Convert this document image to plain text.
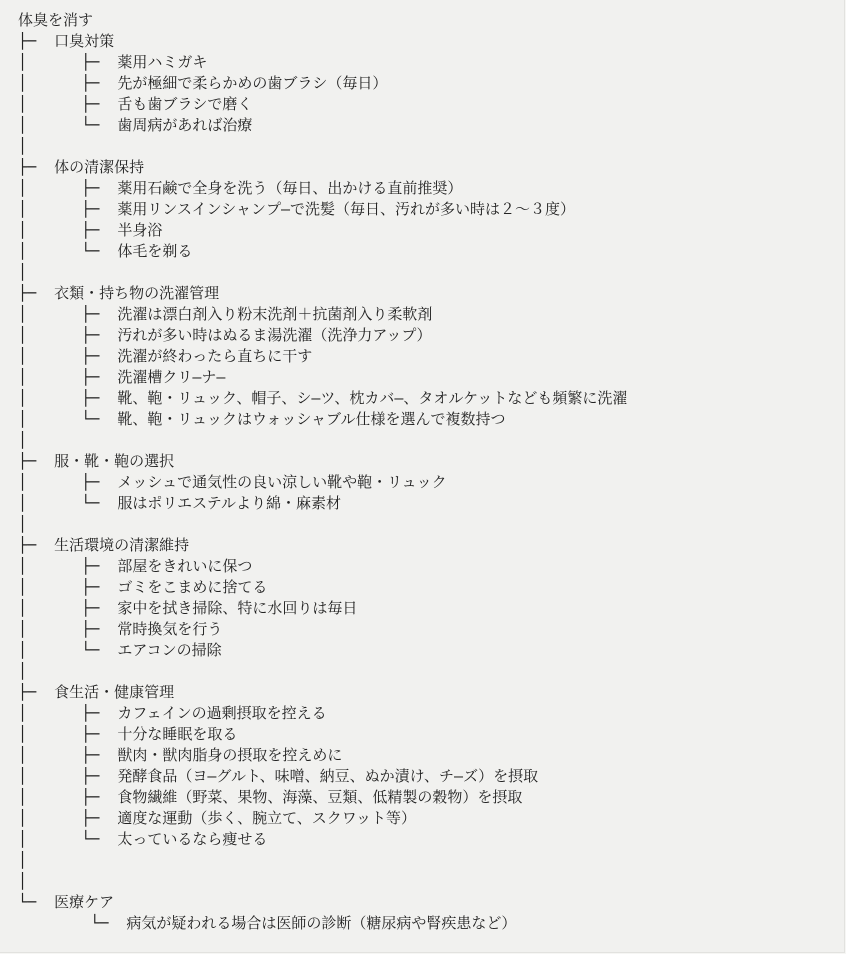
体臭を消す
├─  口臭対策
│      ├─  薬用ハミガキ
│      ├─  先が極細で柔らかめの歯ブラシ（毎日）
│      ├─  舌も歯ブラシで磨く
│      └─  歯周病があれば治療
│
├─  体の清潔保持
│      ├─  薬用石鹸で全身を洗う（毎日、出かける直前推奨）
│      ├─  薬用リンスインシャンプ―で洗髪（毎日、汚れが多い時は２～３度）
│      ├─  半身浴
│      └─  体毛を剃る
│
├─  衣類・持ち物の洗濯管理
│      ├─  洗濯は漂白剤入り粉末洗剤＋抗菌剤入り柔軟剤
│      ├─  汚れが多い時はぬるま湯洗濯（洗浄力アップ）
│      ├─  洗濯が終わったら直ちに干す
│      ├─  洗濯槽クリ―ナ―
│      ├─  靴、鞄・リュック、帽子、シ―ツ、枕カバ―、タオルケットなども頻繁に洗濯
│      └─  靴、鞄・リュックはウォッシャブル仕様を選んで複数持つ
│
├─  服・靴・鞄の選択
│      ├─  メッシュで通気性の良い涼しい靴や鞄・リュック
│      └─  服はポリエステルより綿・麻素材
│
├─  生活環境の清潔維持
│      ├─  部屋をきれいに保つ
│      ├─  ゴミをこまめに捨てる
│      ├─  家中を拭き掃除、特に水回りは毎日
│      ├─  常時換気を行う
│      └─  エアコンの掃除
│
├─  食生活・健康管理
│      ├─  カフェインの過剰摂取を控える
│      ├─  十分な睡眠を取る
│      ├─  獣肉・獣肉脂身の摂取を控えめに
│      ├─  発酵食品（ヨ―グルト、味噌、納豆、ぬか漬け、チ―ズ）を摂取
│      ├─  食物繊維（野菜、果物、海藻、豆類、低精製の穀物）を摂取
│      ├─  適度な運動（歩く、腕立て、スクワット等）
│      └─  太っているなら痩せる
│
│
└─  医療ケア
└─  病気が疑われる場合は医師の診断（糖尿病や腎疾患など）
